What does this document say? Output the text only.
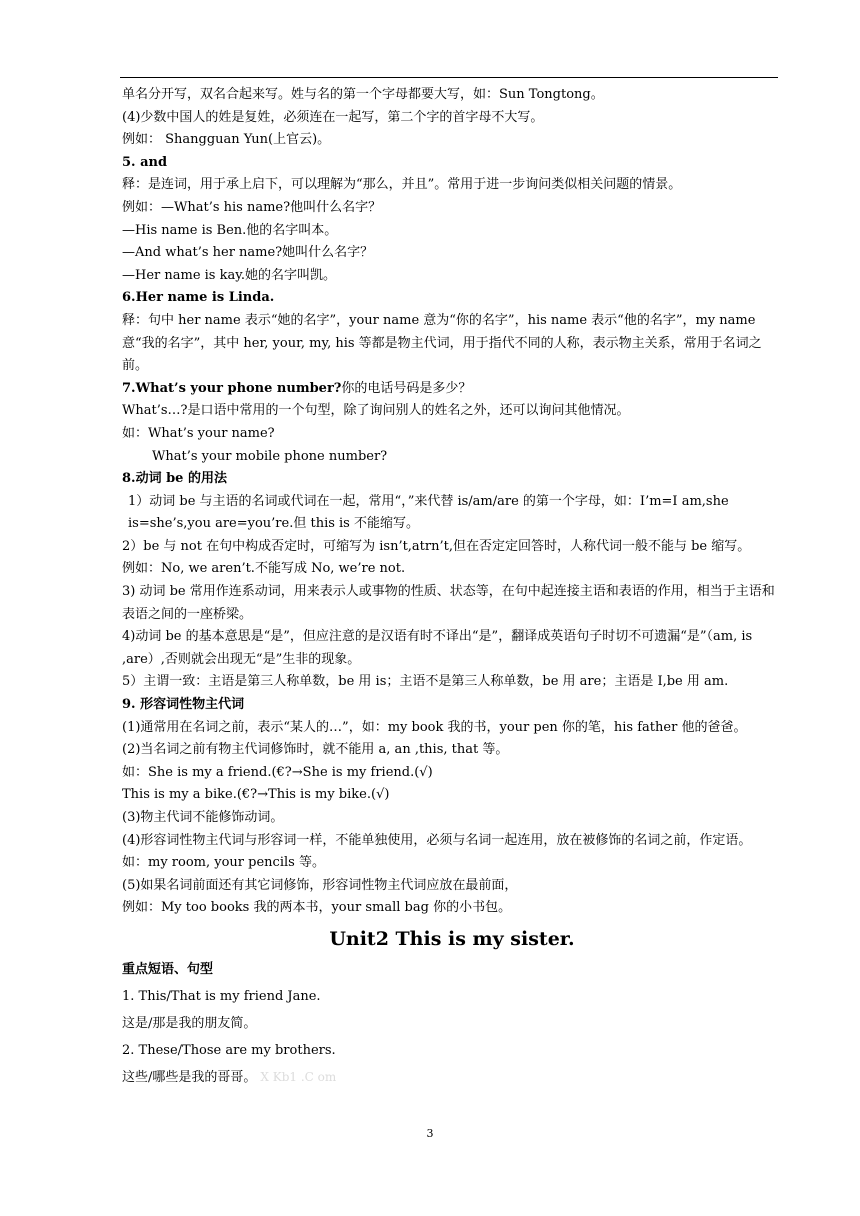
单名分开写，双名合起来写。姓与名的第一个字母都要大写，如：Sun Tongtong。

(4)少数中国人的姓是复姓，必须连在一起写，第二个字的首字母不大写。

例如： Shangguan Yun(上官云)。

5. and

释：是连词，用于承上启下，可以理解为“那么，并且”。常用于进一步询问类似相关问题的情景。

例如：—What’s his name?他叫什么名字？

—His name is Ben.他的名字叫本。

—And what’s her name?她叫什么名字？

—Her name is kay.她的名字叫凯。

6.Her name is Linda.

释：句中 her name 表示“她的名字”，your name 意为“你的名字”，his name 表示“他的名字”，my name 意“我的名字”，其中 her, your, my, his 等都是物主代词，用于指代不同的人称，表示物主关系，常用于名词之前。

7.What’s your phone number?你的电话号码是多少？

What’s…?是口语中常用的一个句型，除了询问别人的姓名之外，还可以询问其他情况。

如：What’s your name?

What’s your mobile phone number?

8.动词 be 的用法

1）动词 be 与主语的名词或代词在一起，常用“，”来代替 is/am/are 的第一个字母，如：I’m=I am,she is=she’s,you are=you’re.但 this is 不能缩写。

2）be 与 not 在句中构成否定时，可缩写为 isn’t,atrn’t,但在否定定回答时，人称代词一般不能与 be 缩写。

例如：No, we aren’t.不能写成 No, we’re not.

3) 动词 be 常用作连系动词，用来表示人或事物的性质、状态等，在句中起连接主语和表语的作用，相当于主语和表语之间的一座桥梁。

4)动词 be 的基本意思是“是”，但应注意的是汉语有时不译出“是”，翻译成英语句子时切不可遗漏“是”（am, is ,are）,否则就会出现无“是”生非的现象。

5）主谓一致：主语是第三人称单数，be 用 is；主语不是第三人称单数，be 用 are；主语是 I,be 用 am.

9. 形容词性物主代词

(1)通常用在名词之前，表示“某人的…”，如：my book 我的书，your pen 你的笔，his father 他的爸爸。

(2)当名词之前有物主代词修饰时，就不能用 a, an ,this, that 等。

如：She is my a friend.(€?→She is my friend.(√)

This is my a bike.(€?→This is my bike.(√)

(3)物主代词不能修饰动词。

(4)形容词性物主代词与形容词一样，不能单独使用，必须与名词一起连用，放在被修饰的名词之前，作定语。

如：my room, your pencils 等。

(5)如果名词前面还有其它词修饰，形容词性物主代词应放在最前面，

例如：My too books 我的两本书，your small bag 你的小书包。

Unit2 This is my sister.

重点短语、句型

1. This/That is my friend Jane.

这是/那是我的朋友简。

2. These/Those are my brothers.

这些/哪些是我的哥哥。 X Kb1 .C om

3
